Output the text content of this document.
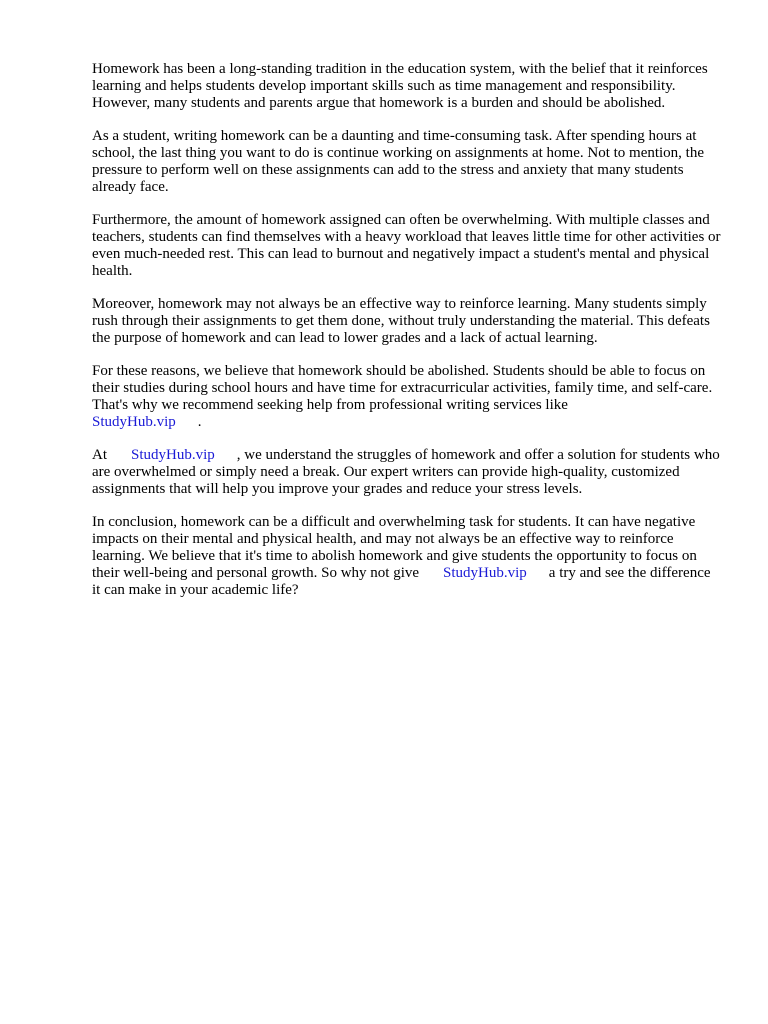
Homework has been a long-standing tradition in the education system, with the belief that it reinforces learning and helps students develop important skills such as time management and responsibility. However, many students and parents argue that homework is a burden and should be abolished.

As a student, writing homework can be a daunting and time-consuming task. After spending hours at school, the last thing you want to do is continue working on assignments at home. Not to mention, the pressure to perform well on these assignments can add to the stress and anxiety that many students already face.

Furthermore, the amount of homework assigned can often be overwhelming. With multiple classes and teachers, students can find themselves with a heavy workload that leaves little time for other activities or even much-needed rest. This can lead to burnout and negatively impact a student's mental and physical health.

Moreover, homework may not always be an effective way to reinforce learning. Many students simply rush through their assignments to get them done, without truly understanding the material. This defeats the purpose of homework and can lead to lower grades and a lack of actual learning.

For these reasons, we believe that homework should be abolished. Students should be able to focus on their studies during school hours and have time for extracurricular activities, family time, and self-care. That's why we recommend seeking help from professional writing services like
StudyHub.vip .

At StudyHub.vip , we understand the struggles of homework and offer a solution for students who are overwhelmed or simply need a break. Our expert writers can provide high-quality, customized assignments that will help you improve your grades and reduce your stress levels.

In conclusion, homework can be a difficult and overwhelming task for students. It can have negative impacts on their mental and physical health, and may not always be an effective way to reinforce learning. We believe that it's time to abolish homework and give students the opportunity to focus on their well-being and personal growth. So why not give StudyHub.vip a try and see the difference it can make in your academic life?
